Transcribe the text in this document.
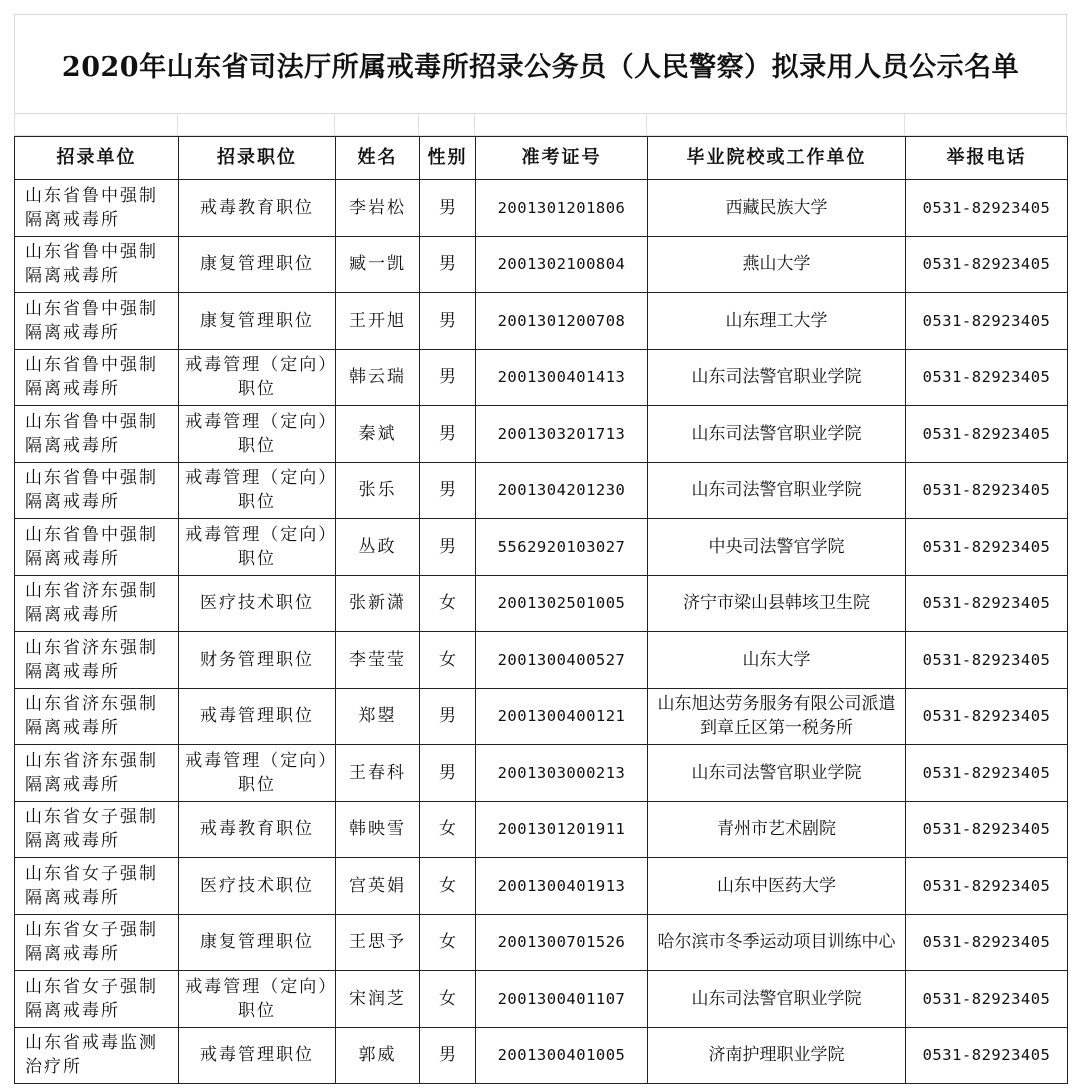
2020年山东省司法厅所属戒毒所招录公务员（人民警察）拟录用人员公示名单
招录单位	招录职位	姓名	性别	准考证号	毕业院校或工作单位	举报电话
山东省鲁中强制隔离戒毒所	戒毒教育职位	李岩松	男	2001301201806	西藏民族大学	0531-82923405
山东省鲁中强制隔离戒毒所	康复管理职位	臧一凯	男	2001302100804	燕山大学	0531-82923405
山东省鲁中强制隔离戒毒所	康复管理职位	王开旭	男	2001301200708	山东理工大学	0531-82923405
山东省鲁中强制隔离戒毒所	戒毒管理（定向）职位	韩云瑞	男	2001300401413	山东司法警官职业学院	0531-82923405
山东省鲁中强制隔离戒毒所	戒毒管理（定向）职位	秦斌	男	2001303201713	山东司法警官职业学院	0531-82923405
山东省鲁中强制隔离戒毒所	戒毒管理（定向）职位	张乐	男	2001304201230	山东司法警官职业学院	0531-82923405
山东省鲁中强制隔离戒毒所	戒毒管理（定向）职位	丛政	男	5562920103027	中央司法警官学院	0531-82923405
山东省济东强制隔离戒毒所	医疗技术职位	张新潇	女	2001302501005	济宁市梁山县韩垓卫生院	0531-82923405
山东省济东强制隔离戒毒所	财务管理职位	李莹莹	女	2001300400527	山东大学	0531-82923405
山东省济东强制隔离戒毒所	戒毒管理职位	郑曌	男	2001300400121	山东旭达劳务服务有限公司派遣到章丘区第一税务所	0531-82923405
山东省济东强制隔离戒毒所	戒毒管理（定向）职位	王春科	男	2001303000213	山东司法警官职业学院	0531-82923405
山东省女子强制隔离戒毒所	戒毒教育职位	韩映雪	女	2001301201911	青州市艺术剧院	0531-82923405
山东省女子强制隔离戒毒所	医疗技术职位	宫英娟	女	2001300401913	山东中医药大学	0531-82923405
山东省女子强制隔离戒毒所	康复管理职位	王思予	女	2001300701526	哈尔滨市冬季运动项目训练中心	0531-82923405
山东省女子强制隔离戒毒所	戒毒管理（定向）职位	宋润芝	女	2001300401107	山东司法警官职业学院	0531-82923405
山东省戒毒监测治疗所	戒毒管理职位	郭威	男	2001300401005	济南护理职业学院	0531-82923405
